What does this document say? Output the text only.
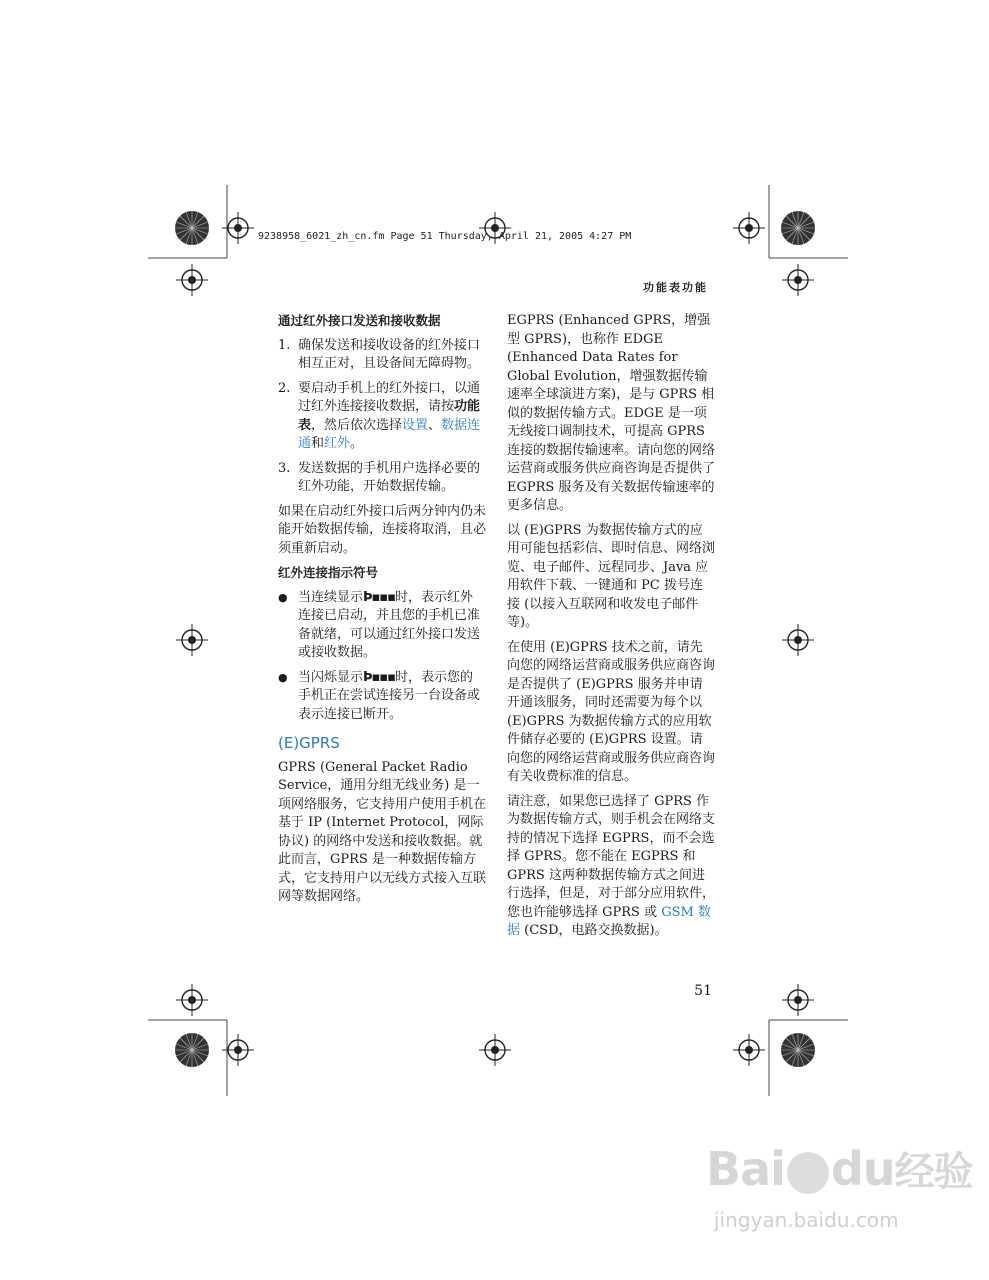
9238958_6021_zh_cn.fm Page 51 Thursday, April 21, 2005 4:27 PM
功能表功能
通过红外接口发送和接收数据
1. 确保发送和接收设备的红外接口相互正对，且设备间无障碍物。
2. 要启动手机上的红外接口，以通过红外连接接收数据，请按功能表，然后依次选择设置、数据连通和红外。
3. 发送数据的手机用户选择必要的红外功能，开始数据传输。

如果在启动红外接口后两分钟内仍未能开始数据传输，连接将取消，且必须重新启动。

红外连接指示符号
● 当连续显示Þ▪▪▪时，表示红外连接已启动，并且您的手机已准备就绪，可以通过红外接口发送或接收数据。
● 当闪烁显示Þ▪▪▪时，表示您的手机正在尝试连接另一台设备或表示连接已断开。
(E)GPRS

GPRS (General Packet Radio Service，通用分组无线业务) 是一项网络服务，它支持用户使用手机在基于 IP (Internet Protocol，网际协议) 的网络中发送和接收数据。就此而言，GPRS 是一种数据传输方式，它支持用户以无线方式接入互联网等数据网络。

EGPRS (Enhanced GPRS，增强型 GPRS)，也称作 EDGE (Enhanced Data Rates for Global Evolution，增强数据传输速率全球演进方案)，是与 GPRS 相似的数据传输方式。EDGE 是一项无线接口调制技术，可提高 GPRS 连接的数据传输速率。请向您的网络运营商或服务供应商咨询是否提供了 EGPRS 服务及有关数据传输速率的更多信息。

以 (E)GPRS 为数据传输方式的应用可能包括彩信、即时信息、网络浏览、电子邮件、远程同步、Java 应用软件下载、一键通和 PC 拨号连接 (以接入互联网和收发电子邮件等)。

在使用 (E)GPRS 技术之前，请先向您的网络运营商或服务供应商咨询是否提供了 (E)GPRS 服务并申请开通该服务，同时还需要为每个以 (E)GPRS 为数据传输方式的应用软件储存必要的 (E)GPRS 设置。请向您的网络运营商或服务供应商咨询有关收费标准的信息。

请注意，如果您已选择了 GPRS 作为数据传输方式，则手机会在网络支持的情况下选择 EGPRS，而不会选择 GPRS。您不能在 EGPRS 和 GPRS 这两种数据传输方式之间进行选择，但是，对于部分应用软件，您也许能够选择 GPRS 或 GSM 数据 (CSD，电路交换数据)。

51
Bai du经验
jingyan.baidu.com
